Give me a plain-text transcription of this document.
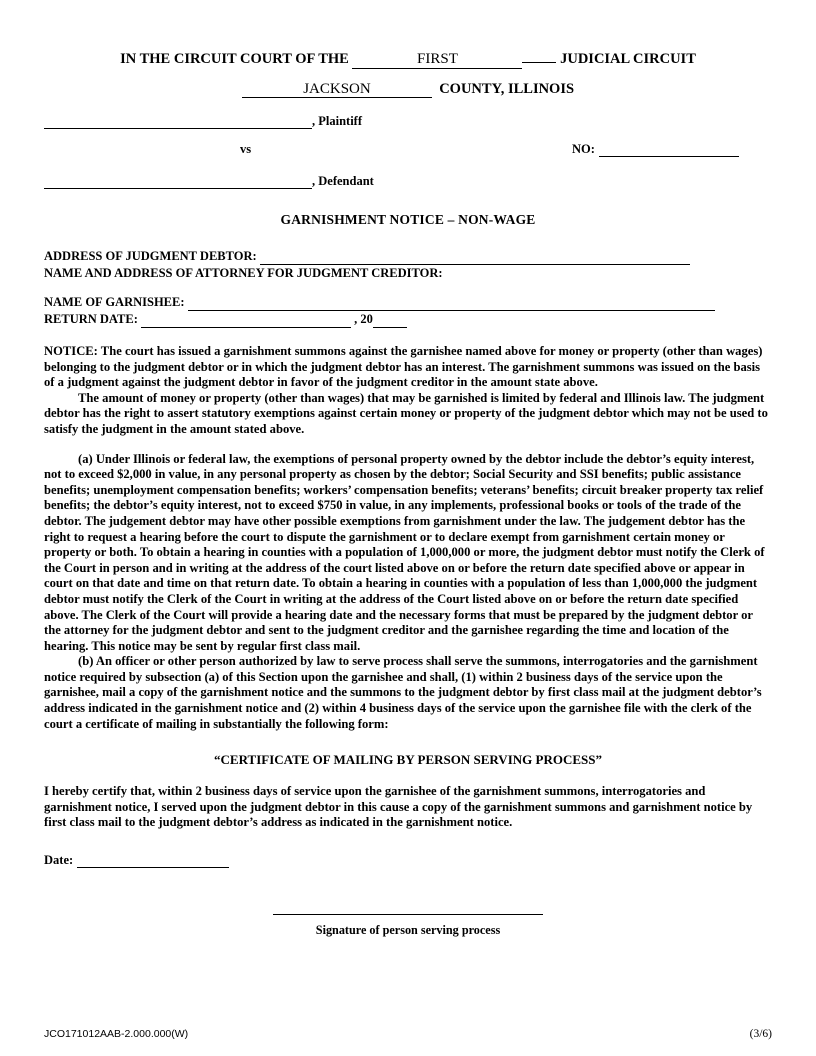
IN THE CIRCUIT COURT OF THE	FIRST	JUDICIAL CIRCUIT
JACKSON	COUNTY, ILLINOIS
, Plaintiff
vs	NO:
, Defendant
GARNISHMENT NOTICE – NON-WAGE
ADDRESS OF JUDGMENT DEBTOR:
NAME AND ADDRESS OF ATTORNEY FOR JUDGMENT CREDITOR:
NAME OF GARNISHEE:
RETURN DATE:	, 20

NOTICE: The court has issued a garnishment summons against the garnishee named above for money or property (other than wages) belonging to the judgment debtor or in which the judgment debtor has an interest. The garnishment summons was issued on the basis of a judgment against the judgment debtor in favor of the judgment creditor in the amount state above.

The amount of money or property (other than wages) that may be garnished is limited by federal and Illinois law. The judgment debtor has the right to assert statutory exemptions against certain money or property of the judgment debtor which may not be used to satisfy the judgment in the amount stated above.

(a) Under Illinois or federal law, the exemptions of personal property owned by the debtor include the debtor’s equity interest, not to exceed $2,000 in value, in any personal property as chosen by the debtor; Social Security and SSI benefits; public assistance benefits; unemployment compensation benefits; workers’ compensation benefits; veterans’ benefits; circuit breaker property tax relief benefits; the debtor’s equity interest, not to exceed $750 in value, in any implements, professional books or tools of the trade of the debtor. The judgement debtor may have other possible exemptions from garnishment under the law. The judgement debtor has the right to request a hearing before the court to dispute the garnishment or to declare exempt from garnishment certain money or property or both. To obtain a hearing in counties with a population of 1,000,000 or more, the judgment debtor must notify the Clerk of the Court in person and in writing at the address of the court listed above on or before the return date specified above or appear in court on that date and time on that return date. To obtain a hearing in counties with a population of less than 1,000,000 the judgment debtor must notify the Clerk of the Court in writing at the address of the Court listed above on or before the return date specified above. The Clerk of the Court will provide a hearing date and the necessary forms that must be prepared by the judgment debtor or the attorney for the judgment debtor and sent to the judgment creditor and the garnishee regarding the time and location of the hearing. This notice may be sent by regular first class mail.

(b) An officer or other person authorized by law to serve process shall serve the summons, interrogatories and the garnishment notice required by subsection (a) of this Section upon the garnishee and shall, (1) within 2 business days of the service upon the garnishee, mail a copy of the garnishment notice and the summons to the judgment debtor by first class mail at the judgment debtor’s address indicated in the garnishment notice and (2) within 4 business days of the service upon the garnishee file with the clerk of the court a certificate of mailing in substantially the following form:

“CERTIFICATE OF MAILING BY PERSON SERVING PROCESS”
I hereby certify that, within 2 business days of service upon the garnishee of the garnishment summons, interrogatories and garnishment notice, I served upon the judgment debtor in this cause a copy of the garnishment summons and garnishment notice by first class mail to the judgment debtor’s address as indicated in the garnishment notice.
Date:
Signature of person serving process
JCO171012AAB-2.000.000(W)	(3/6)
